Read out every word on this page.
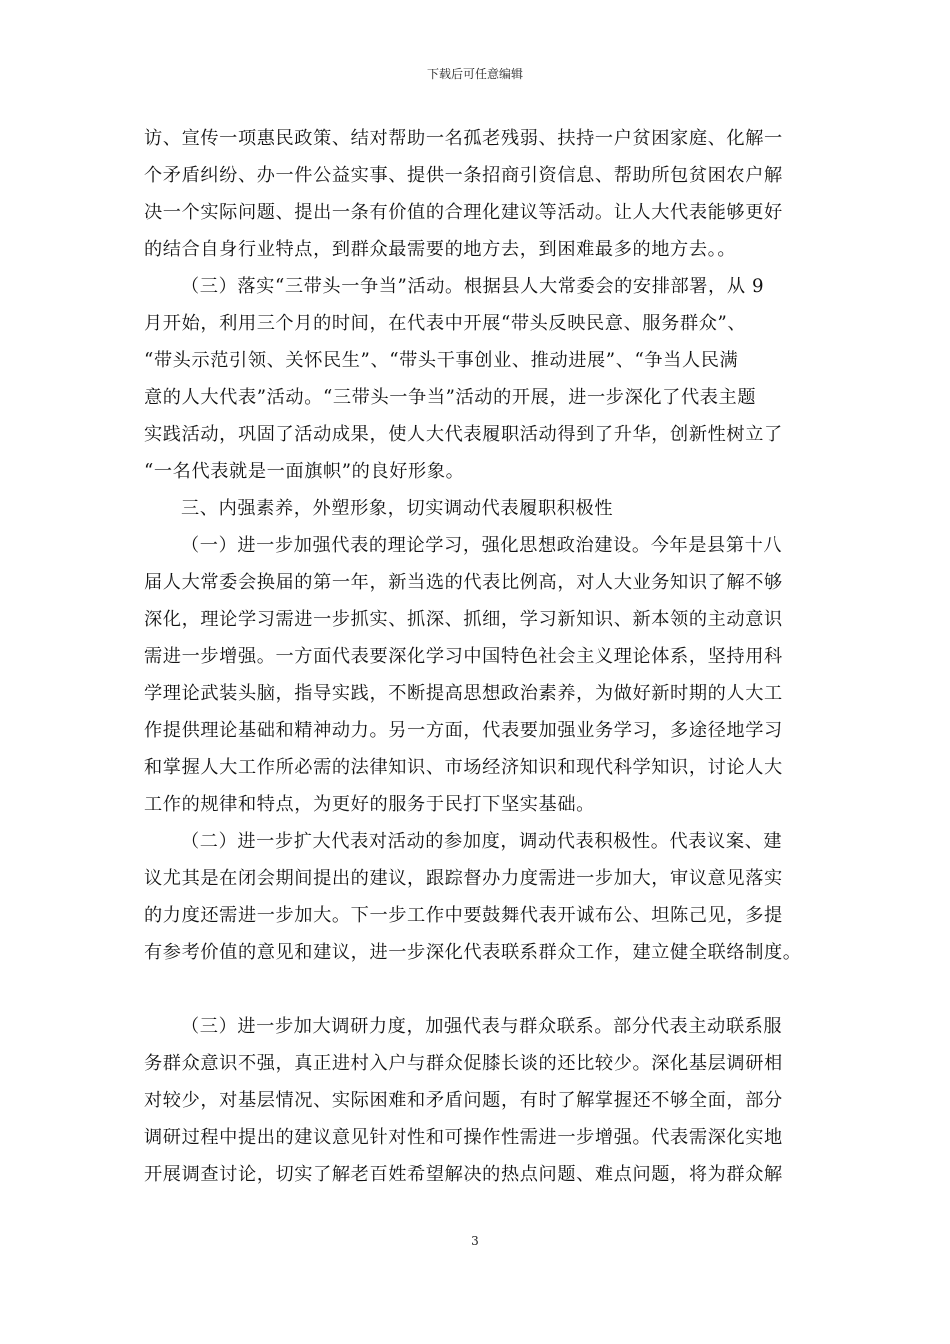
下载后可任意编辑
访、宣传一项惠民政策、结对帮助一名孤老残弱、扶持一户贫困家庭、化解一
个矛盾纠纷、办一件公益实事、提供一条招商引资信息、帮助所包贫困农户解
决一个实际问题、提出一条有价值的合理化建议等活动。让人大代表能够更好
的结合自身行业特点，到群众最需要的地方去，到困难最多的地方去。。
（三）落实“三带头一争当”活动。根据县人大常委会的安排部署，从 9
月开始，利用三个月的时间，在代表中开展“带头反映民意、服务群众”、
“带头示范引领、关怀民生”、“带头干事创业、推动进展”、“争当人民满
意的人大代表”活动。“三带头一争当”活动的开展，进一步深化了代表主题
实践活动，巩固了活动成果，使人大代表履职活动得到了升华，创新性树立了
“一名代表就是一面旗帜”的良好形象。
三、内强素养，外塑形象，切实调动代表履职积极性
（一）进一步加强代表的理论学习，强化思想政治建设。今年是县第十八
届人大常委会换届的第一年，新当选的代表比例高，对人大业务知识了解不够
深化，理论学习需进一步抓实、抓深、抓细，学习新知识、新本领的主动意识
需进一步增强。一方面代表要深化学习中国特色社会主义理论体系，坚持用科
学理论武装头脑，指导实践，不断提高思想政治素养，为做好新时期的人大工
作提供理论基础和精神动力。另一方面，代表要加强业务学习，多途径地学习
和掌握人大工作所必需的法律知识、市场经济知识和现代科学知识，讨论人大
工作的规律和特点，为更好的服务于民打下坚实基础。
（二）进一步扩大代表对活动的参加度，调动代表积极性。代表议案、建
议尤其是在闭会期间提出的建议，跟踪督办力度需进一步加大，审议意见落实
的力度还需进一步加大。下一步工作中要鼓舞代表开诚布公、坦陈己见，多提
有参考价值的意见和建议，进一步深化代表联系群众工作，建立健全联络制度。
（三）进一步加大调研力度，加强代表与群众联系。部分代表主动联系服
务群众意识不强，真正进村入户与群众促膝长谈的还比较少。深化基层调研相
对较少，对基层情况、实际困难和矛盾问题，有时了解掌握还不够全面，部分
调研过程中提出的建议意见针对性和可操作性需进一步增强。代表需深化实地
开展调查讨论，切实了解老百姓希望解决的热点问题、难点问题，将为群众解
3
